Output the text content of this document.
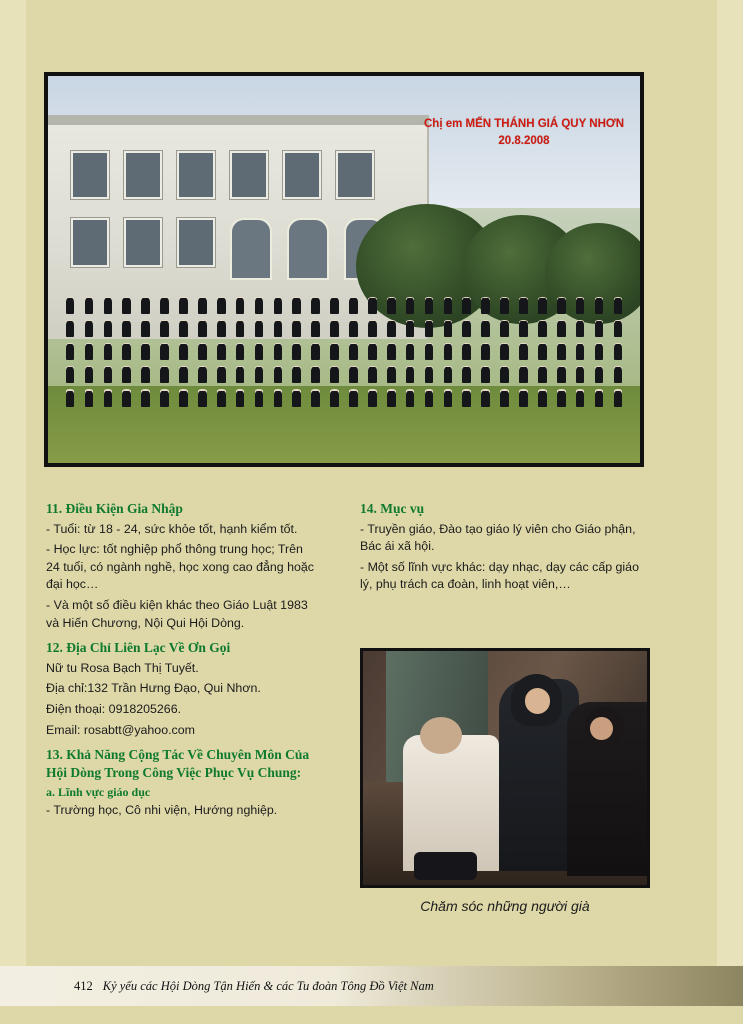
Chị em MẾN THÁNH GIÁ QUY NHƠN
20.8.2008
11. Điều Kiện Gia Nhập

- Tuổi: từ 18 - 24, sức khỏe tốt, hạnh kiểm tốt.

- Học lực: tốt nghiệp phổ thông trung học; Trên 24 tuổi, có ngành nghề, học xong cao đẳng hoặc đại học…

- Và một số điều kiện khác theo Giáo Luật 1983 và Hiến Chương, Nội Qui Hội Dòng.

12. Địa Chỉ Liên Lạc Về Ơn Gọi

Nữ tu Rosa Bạch Thị Tuyết.

Địa chỉ:132 Trần Hưng Đạo, Qui Nhơn.

Điện thoại: 0918205266.

Email: rosabtt@yahoo.com

13. Khả Năng Cộng Tác Về Chuyên Môn Của Hội Dòng Trong Công Việc Phục Vụ Chung:
a. Lĩnh vực giáo dục

- Trường học, Cô nhi viện, Hướng nghiệp.

14. Mục vụ

- Truyền giáo, Đào tạo giáo lý viên cho Giáo phận, Bác ái xã hội.

- Một số lĩnh vực khác: dạy nhạc, dạy các cấp giáo lý, phụ trách ca đoàn, linh hoạt viên,…

Chăm sóc những người già
412 Kỷ yếu các Hội Dòng Tận Hiến & các Tu đoàn Tông Đồ Việt Nam
